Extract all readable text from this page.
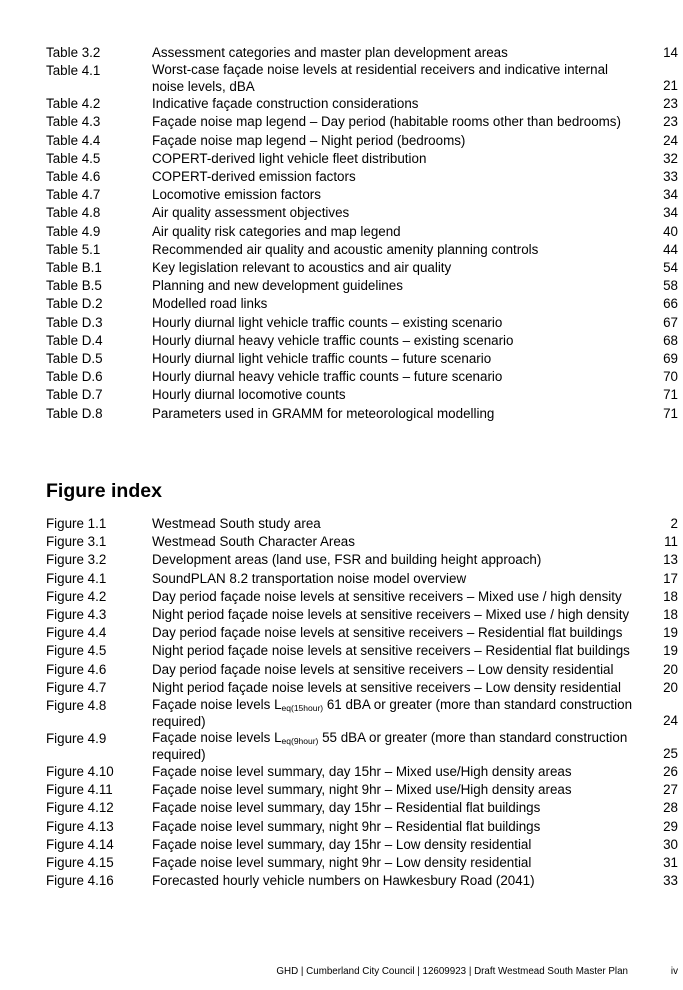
Table 3.2	Assessment categories and master plan development areas	14
Table 4.1	Worst-case façade noise levels at residential receivers and indicative internal noise levels, dBA	21
Table 4.2	Indicative façade construction considerations	23
Table 4.3	Façade noise map legend – Day period (habitable rooms other than bedrooms)	23
Table 4.4	Façade noise map legend – Night period (bedrooms)	24
Table 4.5	COPERT-derived light vehicle fleet distribution	32
Table 4.6	COPERT-derived emission factors	33
Table 4.7	Locomotive emission factors	34
Table 4.8	Air quality assessment objectives	34
Table 4.9	Air quality risk categories and map legend	40
Table 5.1	Recommended air quality and acoustic amenity planning controls	44
Table B.1	Key legislation relevant to acoustics and air quality	54
Table B.5	Planning and new development guidelines	58
Table D.2	Modelled road links	66
Table D.3	Hourly diurnal light vehicle traffic counts – existing scenario	67
Table D.4	Hourly diurnal heavy vehicle traffic counts – existing scenario	68
Table D.5	Hourly diurnal light vehicle traffic counts – future scenario	69
Table D.6	Hourly diurnal heavy vehicle traffic counts – future scenario	70
Table D.7	Hourly diurnal locomotive counts	71
Table D.8	Parameters used in GRAMM for meteorological modelling	71
Figure index
Figure 1.1	Westmead South study area	2
Figure 3.1	Westmead South Character Areas	11
Figure 3.2	Development areas (land use, FSR and building height approach)	13
Figure 4.1	SoundPLAN 8.2 transportation noise model overview	17
Figure 4.2	Day period façade noise levels at sensitive receivers – Mixed use / high density	18
Figure 4.3	Night period façade noise levels at sensitive receivers – Mixed use / high density	18
Figure 4.4	Day period façade noise levels at sensitive receivers – Residential flat buildings	19
Figure 4.5	Night period façade noise levels at sensitive receivers – Residential flat buildings	19
Figure 4.6	Day period façade noise levels at sensitive receivers – Low density residential	20
Figure 4.7	Night period façade noise levels at sensitive receivers – Low density residential	20
Figure 4.8	Façade noise levels $L_{eq(15hour)}$ 61 dBA or greater (more than standard construction required)	24
Figure 4.9	Façade noise levels $L_{eq(9hour)}$ 55 dBA or greater (more than standard construction required)	25
Figure 4.10	Façade noise level summary, day 15hr – Mixed use/High density areas	26
Figure 4.11	Façade noise level summary, night 9hr – Mixed use/High density areas	27
Figure 4.12	Façade noise level summary, day 15hr – Residential flat buildings	28
Figure 4.13	Façade noise level summary, night 9hr – Residential flat buildings	29
Figure 4.14	Façade noise level summary, day 15hr – Low density residential	30
Figure 4.15	Façade noise level summary, night 9hr – Low density residential	31
Figure 4.16	Forecasted hourly vehicle numbers on Hawkesbury Road (2041)	33
GHD | Cumberland City Council | 12609923 | Draft Westmead South Master Plan	iv
